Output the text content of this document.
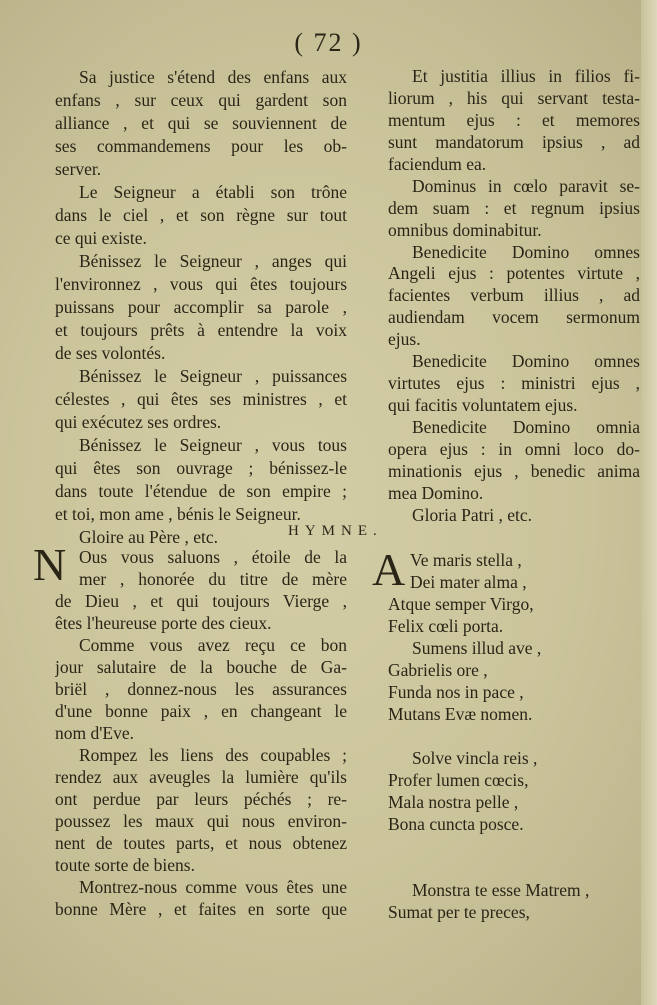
( 72 )
Sa justice s'étend des enfans aux
enfans , sur ceux qui gardent son
alliance , et qui se souviennent de
ses commandemens pour les ob-
server.
Le Seigneur a établi son trône
dans le ciel , et son règne sur tout
ce qui existe.
Bénissez le Seigneur , anges qui
l'environnez , vous qui êtes toujours
puissans pour accomplir sa parole ,
et toujours prêts à entendre la voix
de ses volontés.
Bénissez le Seigneur , puissances
célestes , qui êtes ses ministres , et
qui exécutez ses ordres.
Bénissez le Seigneur , vous tous
qui êtes son ouvrage ; bénissez-le
dans toute l'étendue de son empire ;
et toi, mon ame , bénis le Seigneur.
Gloire au Père , etc.
Et justitia illius in filios fi-
liorum , his qui servant testa-
mentum ejus : et memores
sunt mandatorum ipsius , ad
faciendum ea.
Dominus in cœlo paravit se-
dem suam : et regnum ipsius
omnibus dominabitur.
Benedicite Domino omnes
Angeli ejus : potentes virtute ,
facientes verbum illius , ad
audiendam vocem sermonum
ejus.
Benedicite Domino omnes
virtutes ejus : ministri ejus ,
qui facitis voluntatem ejus.
Benedicite Domino omnia
opera ejus : in omni loco do-
minationis ejus , benedic anima
mea Domino.
Gloria Patri , etc.
HYMNE.
N Ous vous saluons , étoile de la
mer , honorée du titre de mère
de Dieu , et qui toujours Vierge ,
êtes l'heureuse porte des cieux.
Comme vous avez reçu ce bon
jour salutaire de la bouche de Ga-
briël , donnez-nous les assurances
d'une bonne paix , en changeant le
nom d'Eve.
Rompez les liens des coupables ;
rendez aux aveugles la lumière qu'ils
ont perdue par leurs péchés ; re-
poussez les maux qui nous environ-
nent de toutes parts, et nous obtenez
toute sorte de biens.
Montrez-nous comme vous êtes une
bonne Mère , et faites en sorte que
A Ve maris stella ,
Dei mater alma ,
Atque semper Virgo,
Felix cœli porta.
Sumens illud ave ,
Gabrielis ore ,
Funda nos in pace ,
Mutans Evæ nomen.
Solve vincla reis ,
Profer lumen cœcis,
Mala nostra pelle ,
Bona cuncta posce.
Monstra te esse Matrem ,
Sumat per te preces,
